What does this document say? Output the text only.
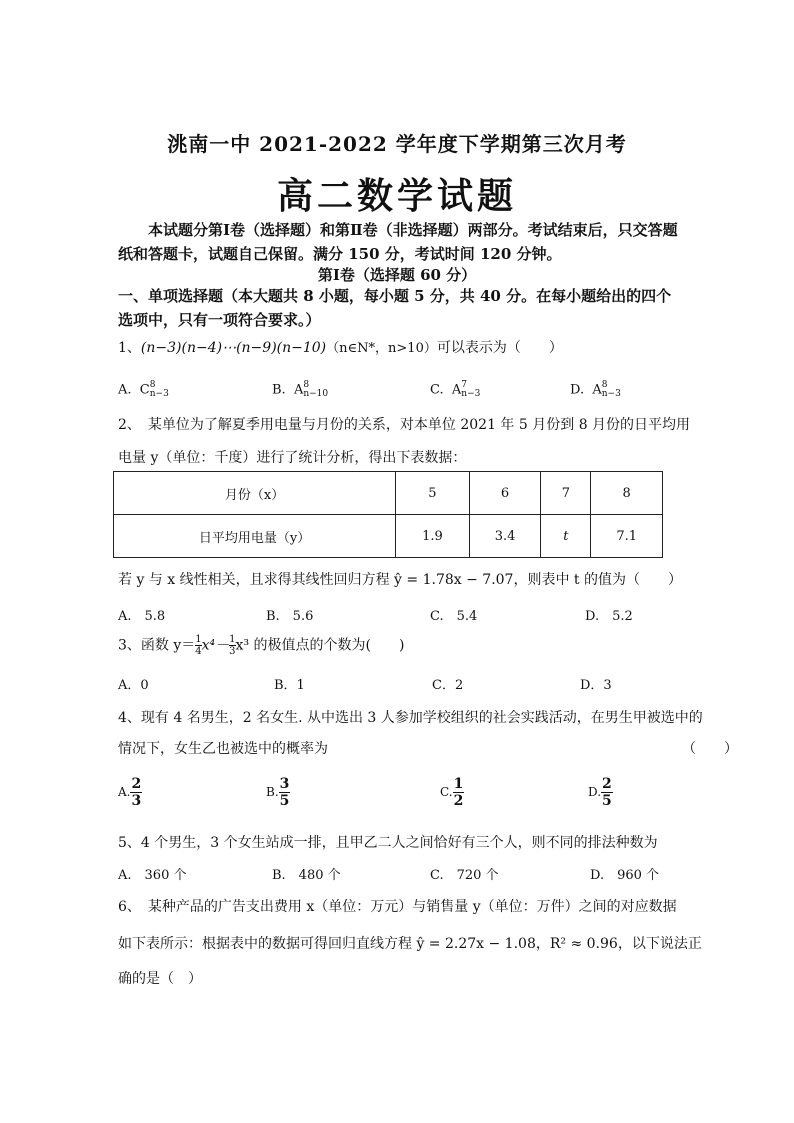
洮南一中 2021-2022 学年度下学期第三次月考
高二数学试题
本试题分第Ⅰ卷（选择题）和第Ⅱ卷（非选择题）两部分。考试结束后，只交答题纸和答题卡，试题自己保留。满分 150 分，考试时间 120 分钟。
第Ⅰ卷（选择题 60 分）
一、单项选择题（本大题共 8 小题，每小题 5 分，共 40 分。在每小题给出的四个选项中，只有一项符合要求。）
1、(n−3)(n−4)⋯(n−9)(n−10)（n∈N*，n>10）可以表示为（　　）
A. C 8
n−3	B. A 8
n−10	C. A 7
n−3	D. A 8
n−3
2、　某单位为了解夏季用电量与月份的关系，对本单位 2021 年 5 月份到 8 月份的日平均用
电量 y（单位：千度）进行了统计分析，得出下表数据：
月份（x）	5	6	7	8
日平均用电量（y）	1.9	3.4	t	7.1
若 y 与 x 线性相关，且求得其线性回归方程 ŷ = 1.78x − 7.07，则表中 t 的值为（　　）
A.　5.8	B.　5.6	C.　5.4	D.　5.2
3、函数 $y= \frac{1}{4} x^4- \frac{1}{3} x^3$ 的极值点的个数为(　　)
A．0	B．1	C．2	D．3
4、现有 4 名男生，2 名女生. 从中选出 3 人参加学校组织的社会实践活动，在男生甲被选中的
情况下，女生乙也被选中的概率为	（　　）
A. $\frac{2}{3}$	B. $\frac{3}{5}$	C. $\frac{1}{2}$	D. $\frac{2}{5}$
5、4 个男生，3 个女生站成一排，且甲乙二人之间恰好有三个人，则不同的排法种数为
A.　360 个	B.　480 个	C.　720 个	D.　960 个
6、　某种产品的广告支出费用 x（单位：万元）与销售量 y（单位：万件）之间的对应数据
如下表所示：根据表中的数据可得回归直线方程 ŷ = 2.27x − 1.08，R² ≈ 0.96，以下说法正
确的是（　）
